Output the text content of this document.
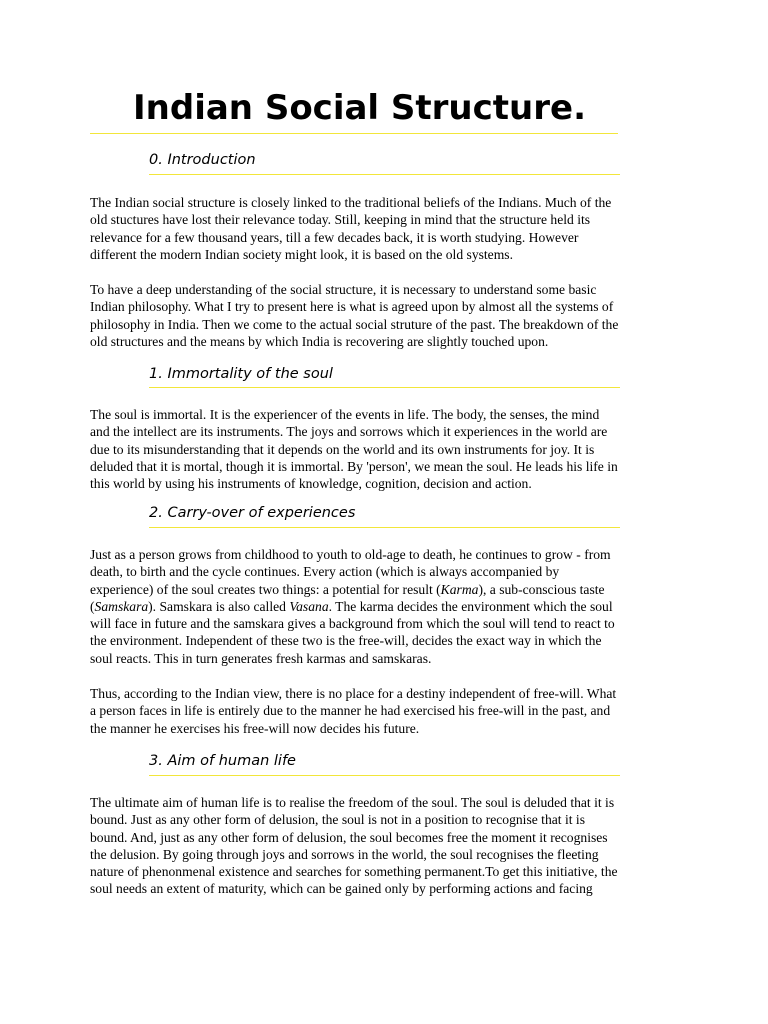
Indian Social Structure.
0. Introduction

The Indian social structure is closely linked to the traditional beliefs of the Indians. Much of the
old stuctures have lost their relevance today. Still, keeping in mind that the structure held its
relevance for a few thousand years, till a few decades back, it is worth studying. However
different the modern Indian society might look, it is based on the old systems.

To have a deep understanding of the social structure, it is necessary to understand some basic
Indian philosophy. What I try to present here is what is agreed upon by almost all the systems of
philosophy in India. Then we come to the actual social struture of the past. The breakdown of the
old structures and the means by which India is recovering are slightly touched upon.

1. Immortality of the soul

The soul is immortal. It is the experiencer of the events in life. The body, the senses, the mind
and the intellect are its instruments. The joys and sorrows which it experiences in the world are
due to its misunderstanding that it depends on the world and its own instruments for joy. It is
deluded that it is mortal, though it is immortal. By 'person', we mean the soul. He leads his life in
this world by using his instruments of knowledge, cognition, decision and action.

2. Carry-over of experiences

Just as a person grows from childhood to youth to old-age to death, he continues to grow - from
death, to birth and the cycle continues. Every action (which is always accompanied by
experience) of the soul creates two things: a potential for result (Karma), a sub-conscious taste
(Samskara). Samskara is also called Vasana. The karma decides the environment which the soul
will face in future and the samskara gives a background from which the soul will tend to react to
the environment. Independent of these two is the free-will, decides the exact way in which the
soul reacts. This in turn generates fresh karmas and samskaras.

Thus, according to the Indian view, there is no place for a destiny independent of free-will. What
a person faces in life is entirely due to the manner he had exercised his free-will in the past, and
the manner he exercises his free-will now decides his future.

3. Aim of human life

The ultimate aim of human life is to realise the freedom of the soul. The soul is deluded that it is
bound. Just as any other form of delusion, the soul is not in a position to recognise that it is
bound. And, just as any other form of delusion, the soul becomes free the moment it recognises
the delusion. By going through joys and sorrows in the world, the soul recognises the fleeting
nature of phenonmenal existence and searches for something permanent.To get this initiative, the
soul needs an extent of maturity, which can be gained only by performing actions and facing
